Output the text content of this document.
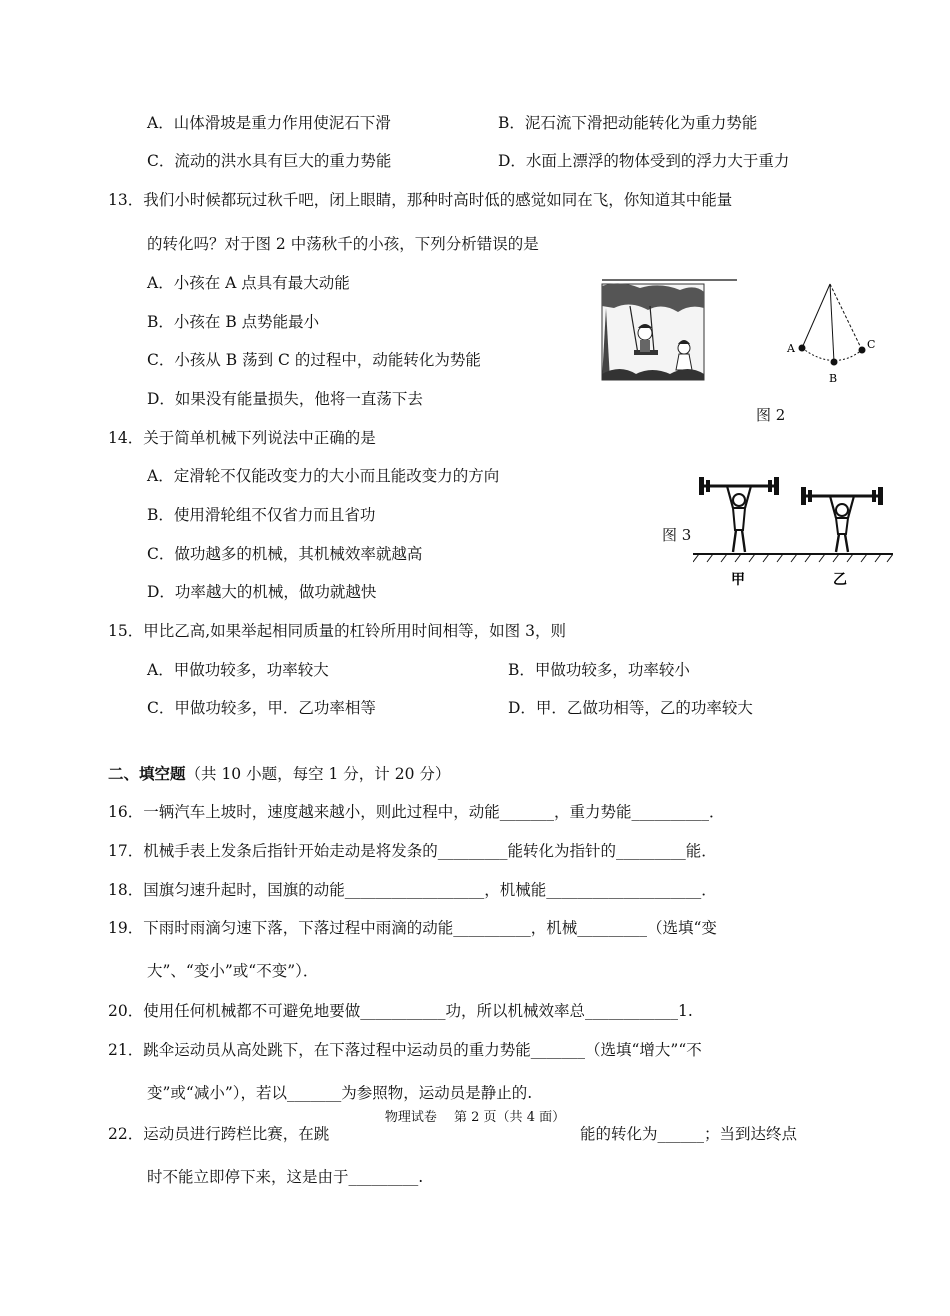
A．山体滑坡是重力作用使泥石下滑	B．泥石流下滑把动能转化为重力势能
C．流动的洪水具有巨大的重力势能	D．水面上漂浮的物体受到的浮力大于重力
13．我们小时候都玩过秋千吧，闭上眼睛，那种时高时低的感觉如同在飞，你知道其中能量
的转化吗？对于图 2 中荡秋千的小孩，下列分析错误的是
A．小孩在 A 点具有最大动能
B．小孩在 B 点势能最小
C．小孩从 B 荡到 C 的过程中，动能转化为势能
D．如果没有能量损失，他将一直荡下去
A
B
C
图 2
14．关于简单机械下列说法中正确的是
A．定滑轮不仅能改变力的大小而且能改变力的方向
B．使用滑轮组不仅省力而且省功
C．做功越多的机械，其机械效率就越高
D．功率越大的机械，做功就越快
图 3
甲	乙
15．甲比乙高,如果举起相同质量的杠铃所用时间相等，如图 3，则
A．甲做功较多，功率较大	B．甲做功较多，功率较小
C．甲做功较多，甲．乙功率相等	D．甲．乙做功相等，乙的功率较大
二、填空题（共 10 小题，每空 1 分，计 20 分）
16．一辆汽车上坡时，速度越来越小，则此过程中，动能_______，重力势能__________．
17．机械手表上发条后指针开始走动是将发条的_________能转化为指针的_________能．
18．国旗匀速升起时，国旗的动能__________________，机械能____________________．
19．下雨时雨滴匀速下落，下落过程中雨滴的动能__________，机械_________（选填“变
大”、“变小”或“不变”）．
20．使用任何机械都不可避免地要做___________功，所以机械效率总____________1.
21．跳伞运动员从高处跳下，在下落过程中运动员的重力势能_______（选填“增大”“不
变”或“减小”），若以_______为参照物，运动员是静止的.
22．运动员进行跨栏比赛，在跳	能的转化为______；当到达终点
时不能立即停下来，这是由于_________.
物理试卷　 第 2 页（共 4 面）
